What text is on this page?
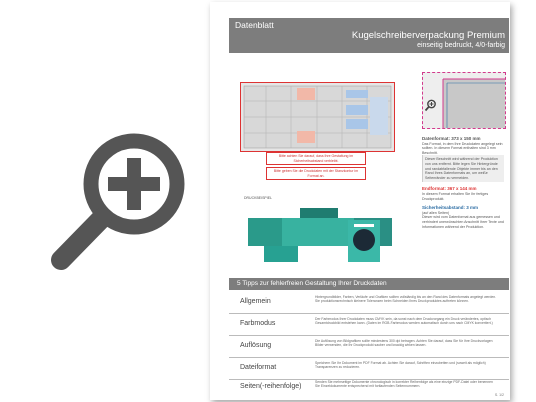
Datenblatt
Kugelschreiberverpackung Premium
einseitig bedruckt, 4/0-farbig
Bitte achten Sie darauf, dass Ihre Gestaltung im Sicherheitsabstand verbleibt.
Bitte geben Sie die Druckdaten mit der Stanzkontur im Format an.
DRUCKBEISPIEL
Datenformat: 373 x 150 mm
Das Format, in dem Ihre Druckdaten angelegt sein sollten. In diesem Format enthalten sind 3 mm Beschnitt.
Dieser Beschnitt wird während der Produktion von uns entfernt. Bitte legen Sie Hintergründe und randabfallende Objekte immer bis an den Rand Ihres Datenformats an, um weiße Seitenränder zu vermeiden.
Endformat: 367 x 144 mm
In diesem Format erhalten Sie Ihr fertiges Druckprodukt.
Sicherheitsabstand: 3 mm
(auf allen Seiten)
Dieser wird vom Datenformat aus gemessen und verhindert unerwünschten Anschnitt Ihrer Texte und Informationen während der Produktion.
5 Tipps zur fehlerfreien Gestaltung Ihrer Druckdaten
Allgemein
Hintergrundbilder, Farben, Verläufe und Grafiken sollten vollständig bis an den Rand des Datenformats angelegt werden. Sie produktionsrechnisch kleinere Toleranzen beim Schneiden Ihres Druckproduktes auftreten können.
Farbmodus
Der Farbmodus Ihrer Druckdaten muss CMYK sein, da sonst nach dem Druckvorgang ein Druck verändertes, optisch Gesamtdruckbild entstehen kann. (Daten im RGB-Farbmodus werden automatisch durch uns nach CMYK konvertiert.)
Auflösung
Die Auflösung von Bildgrafiken sollte mindestens 300 dpi betragen. Achten Sie darauf, dass Sie für Ihre Druckvorlagen Bilder verwenden, die Ihr Druckprodukt sauber und knackig wirken lassen.
Dateiformat
Speichern Sie Ihr Dokument im PDF Format ab. Achten Sie darauf, Schriften einzubetten und (soweit als möglich) Transparenzen zu reduzieren.
Seiten(-reihenfolge)
Senden Sie mehrseitige Dokumente chronologisch in korrekter Reihenfolge als eine einzige PDF-Datei oder benennen Sie Einzeldokumente entsprechend mit fortlaufenden Seitennummern.
S. 1/2
